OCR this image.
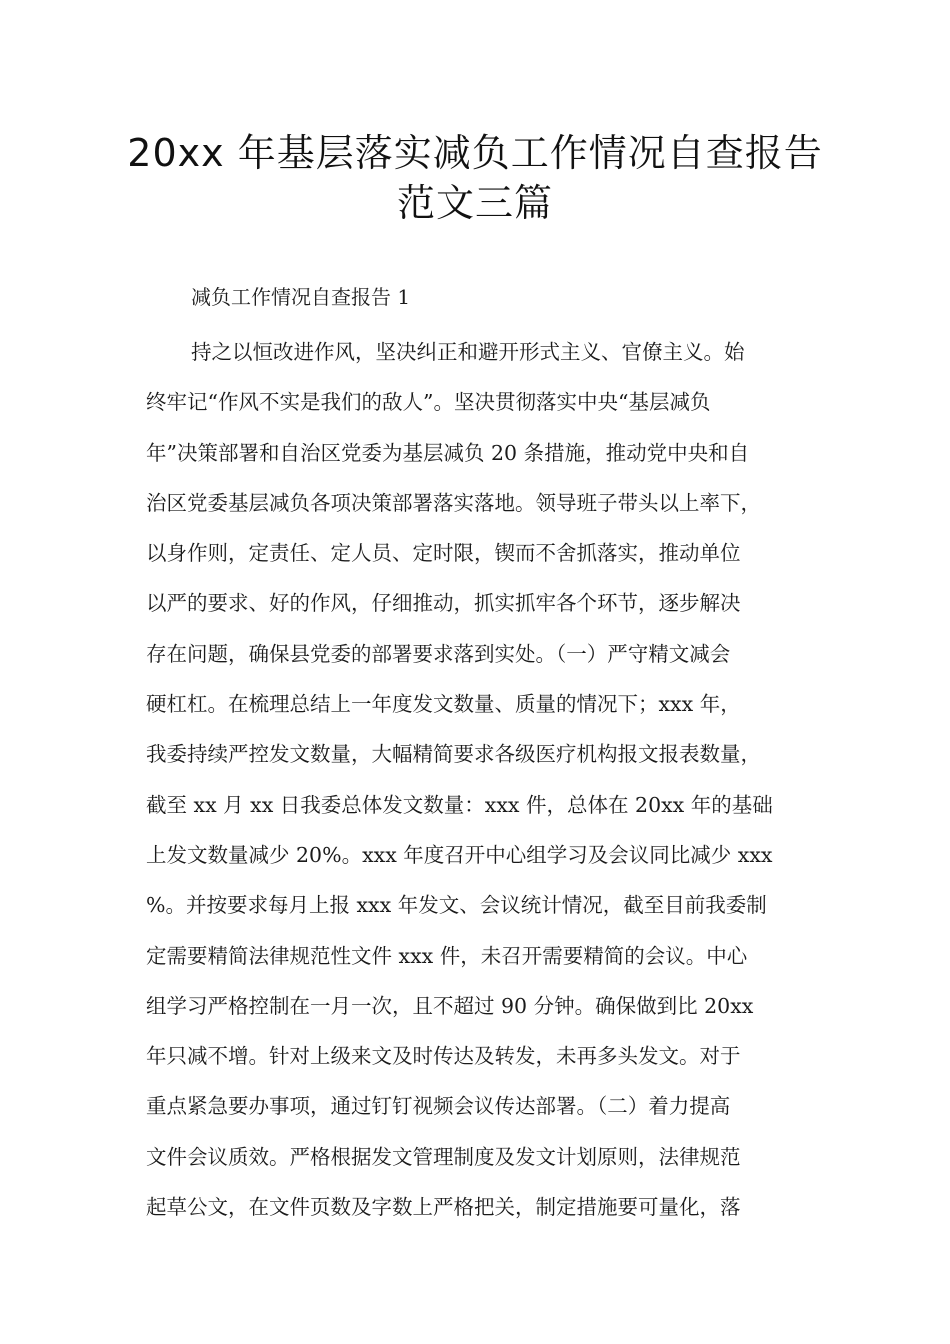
20xx 年基层落实减负工作情况自查报告
范文三篇
减负工作情况自查报告 1
持之以恒改进作风，坚决纠正和避开形式主义、官僚主义。始
终牢记“作风不实是我们的敌人”。坚决贯彻落实中央“基层减负
年”决策部署和自治区党委为基层减负 20 条措施，推动党中央和自
治区党委基层减负各项决策部署落实落地。领导班子带头以上率下，
以身作则，定责任、定人员、定时限，锲而不舍抓落实，推动单位
以严的要求、好的作风，仔细推动，抓实抓牢各个环节，逐步解决
存在问题，确保县党委的部署要求落到实处。（一）严守精文减会
硬杠杠。在梳理总结上一年度发文数量、质量的情况下；xxx 年，
我委持续严控发文数量，大幅精简要求各级医疗机构报文报表数量，
截至 xx 月 xx 日我委总体发文数量：xxx 件，总体在 20xx 年的基础
上发文数量减少 20%。xxx 年度召开中心组学习及会议同比减少 xxx
%。并按要求每月上报 xxx 年发文、会议统计情况，截至目前我委制
定需要精简法律规范性文件 xxx 件，未召开需要精简的会议。中心
组学习严格控制在一月一次，且不超过 90 分钟。确保做到比 20xx
年只减不增。针对上级来文及时传达及转发，未再多头发文。对于
重点紧急要办事项，通过钉钉视频会议传达部署。（二）着力提高
文件会议质效。严格根据发文管理制度及发文计划原则，法律规范
起草公文，在文件页数及字数上严格把关，制定措施要可量化，落
